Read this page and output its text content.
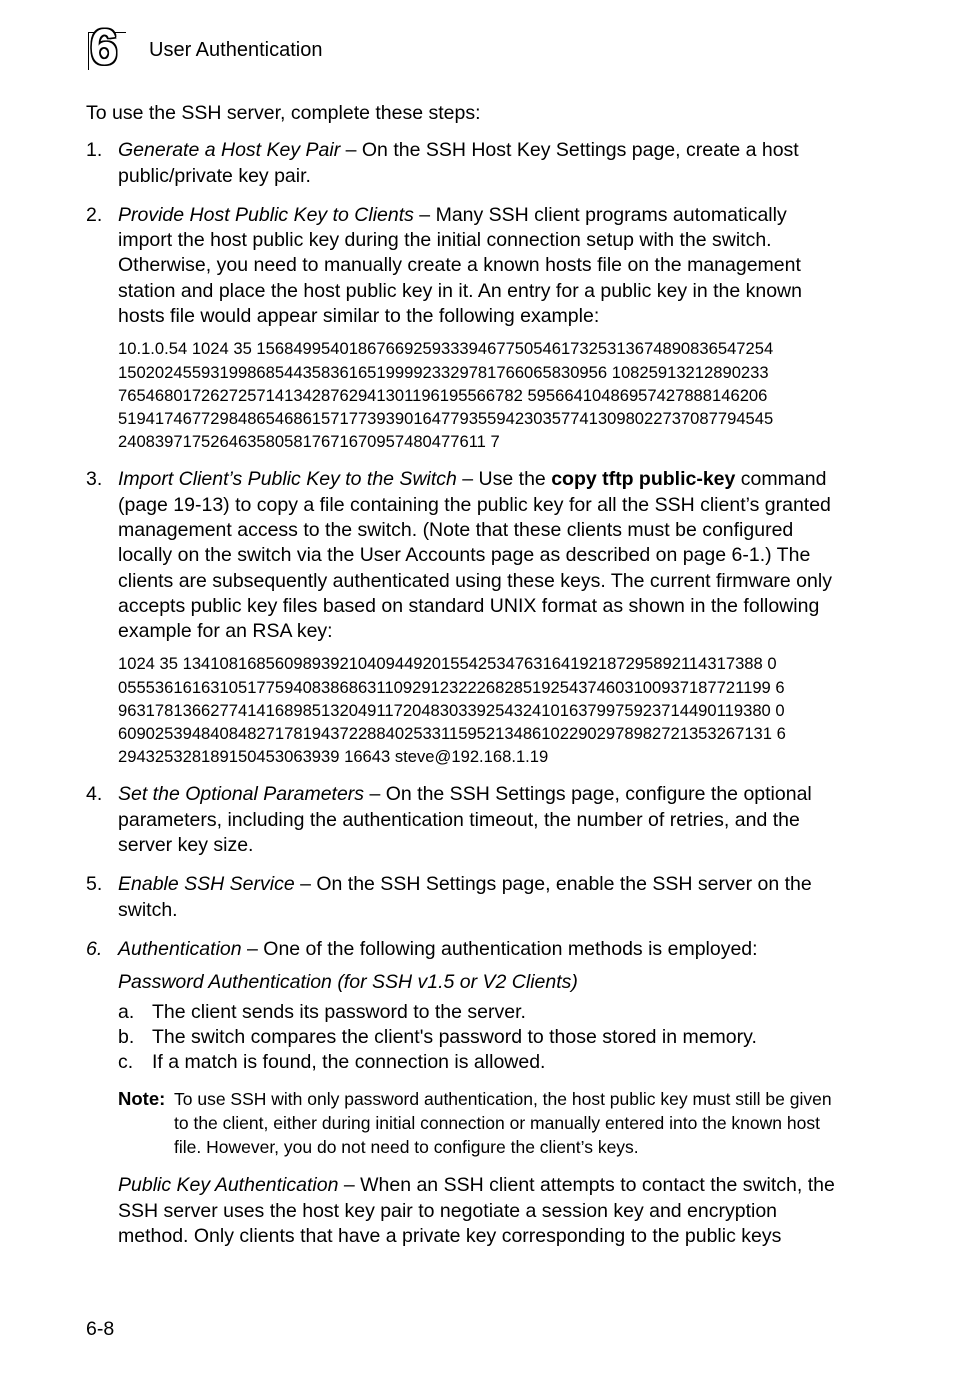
6 User Authentication
To use the SSH server, complete these steps:
1. Generate a Host Key Pair – On the SSH Host Key Settings page, create a host public/private key pair.
2. Provide Host Public Key to Clients – Many SSH client programs automatically import the host public key during the initial connection setup with the switch. Otherwise, you need to manually create a known hosts file on the management station and place the host public key in it. An entry for a public key in the known hosts file would appear similar to the following example:
10.1.0.54 1024 35 15684995401867669259333946775054617325313674890836547254
15020245593199868544358361651999923329781766065830956 10825913212890233
76546801726272571413428762941301196195566782 59566410486957427888146206
51941746772984865468615717739390164779355942303577413098022737087794545
2408397175264635805817671670957480477611 7
3. Import Client’s Public Key to the Switch – Use the copy tftp public-key command (page 19-13) to copy a file containing the public key for all the SSH client’s granted management access to the switch. (Note that these clients must be configured locally on the switch via the User Accounts page as described on page 6-1.) The clients are subsequently authenticated using these keys. The current firmware only accepts public key files based on standard UNIX format as shown in the following example for an RSA key:
1024 35 134108168560989392104094492015542534763164192187295892114317388 0
05553616163105177594083868631109291232226828519254374603100937187721199 6
96317813662774141689851320491172048303392543241016379975923714490119380 0
60902539484084827178194372288402533115952134861022902978982721353267131 6
294325328189150453063939 16643 steve@192.168.1.19
4. Set the Optional Parameters – On the SSH Settings page, configure the optional parameters, including the authentication timeout, the number of retries, and the server key size.
5. Enable SSH Service – On the SSH Settings page, enable the SSH server on the switch.
6. Authentication – One of the following authentication methods is employed:
Password Authentication (for SSH v1.5 or V2 Clients)
a. The client sends its password to the server.
b. The switch compares the client's password to those stored in memory.
c. If a match is found, the connection is allowed.
Note: To use SSH with only password authentication, the host public key must still be given to the client, either during initial connection or manually entered into the known host file. However, you do not need to configure the client’s keys.
Public Key Authentication – When an SSH client attempts to contact the switch, the SSH server uses the host key pair to negotiate a session key and encryption method. Only clients that have a private key corresponding to the public keys
6-8
